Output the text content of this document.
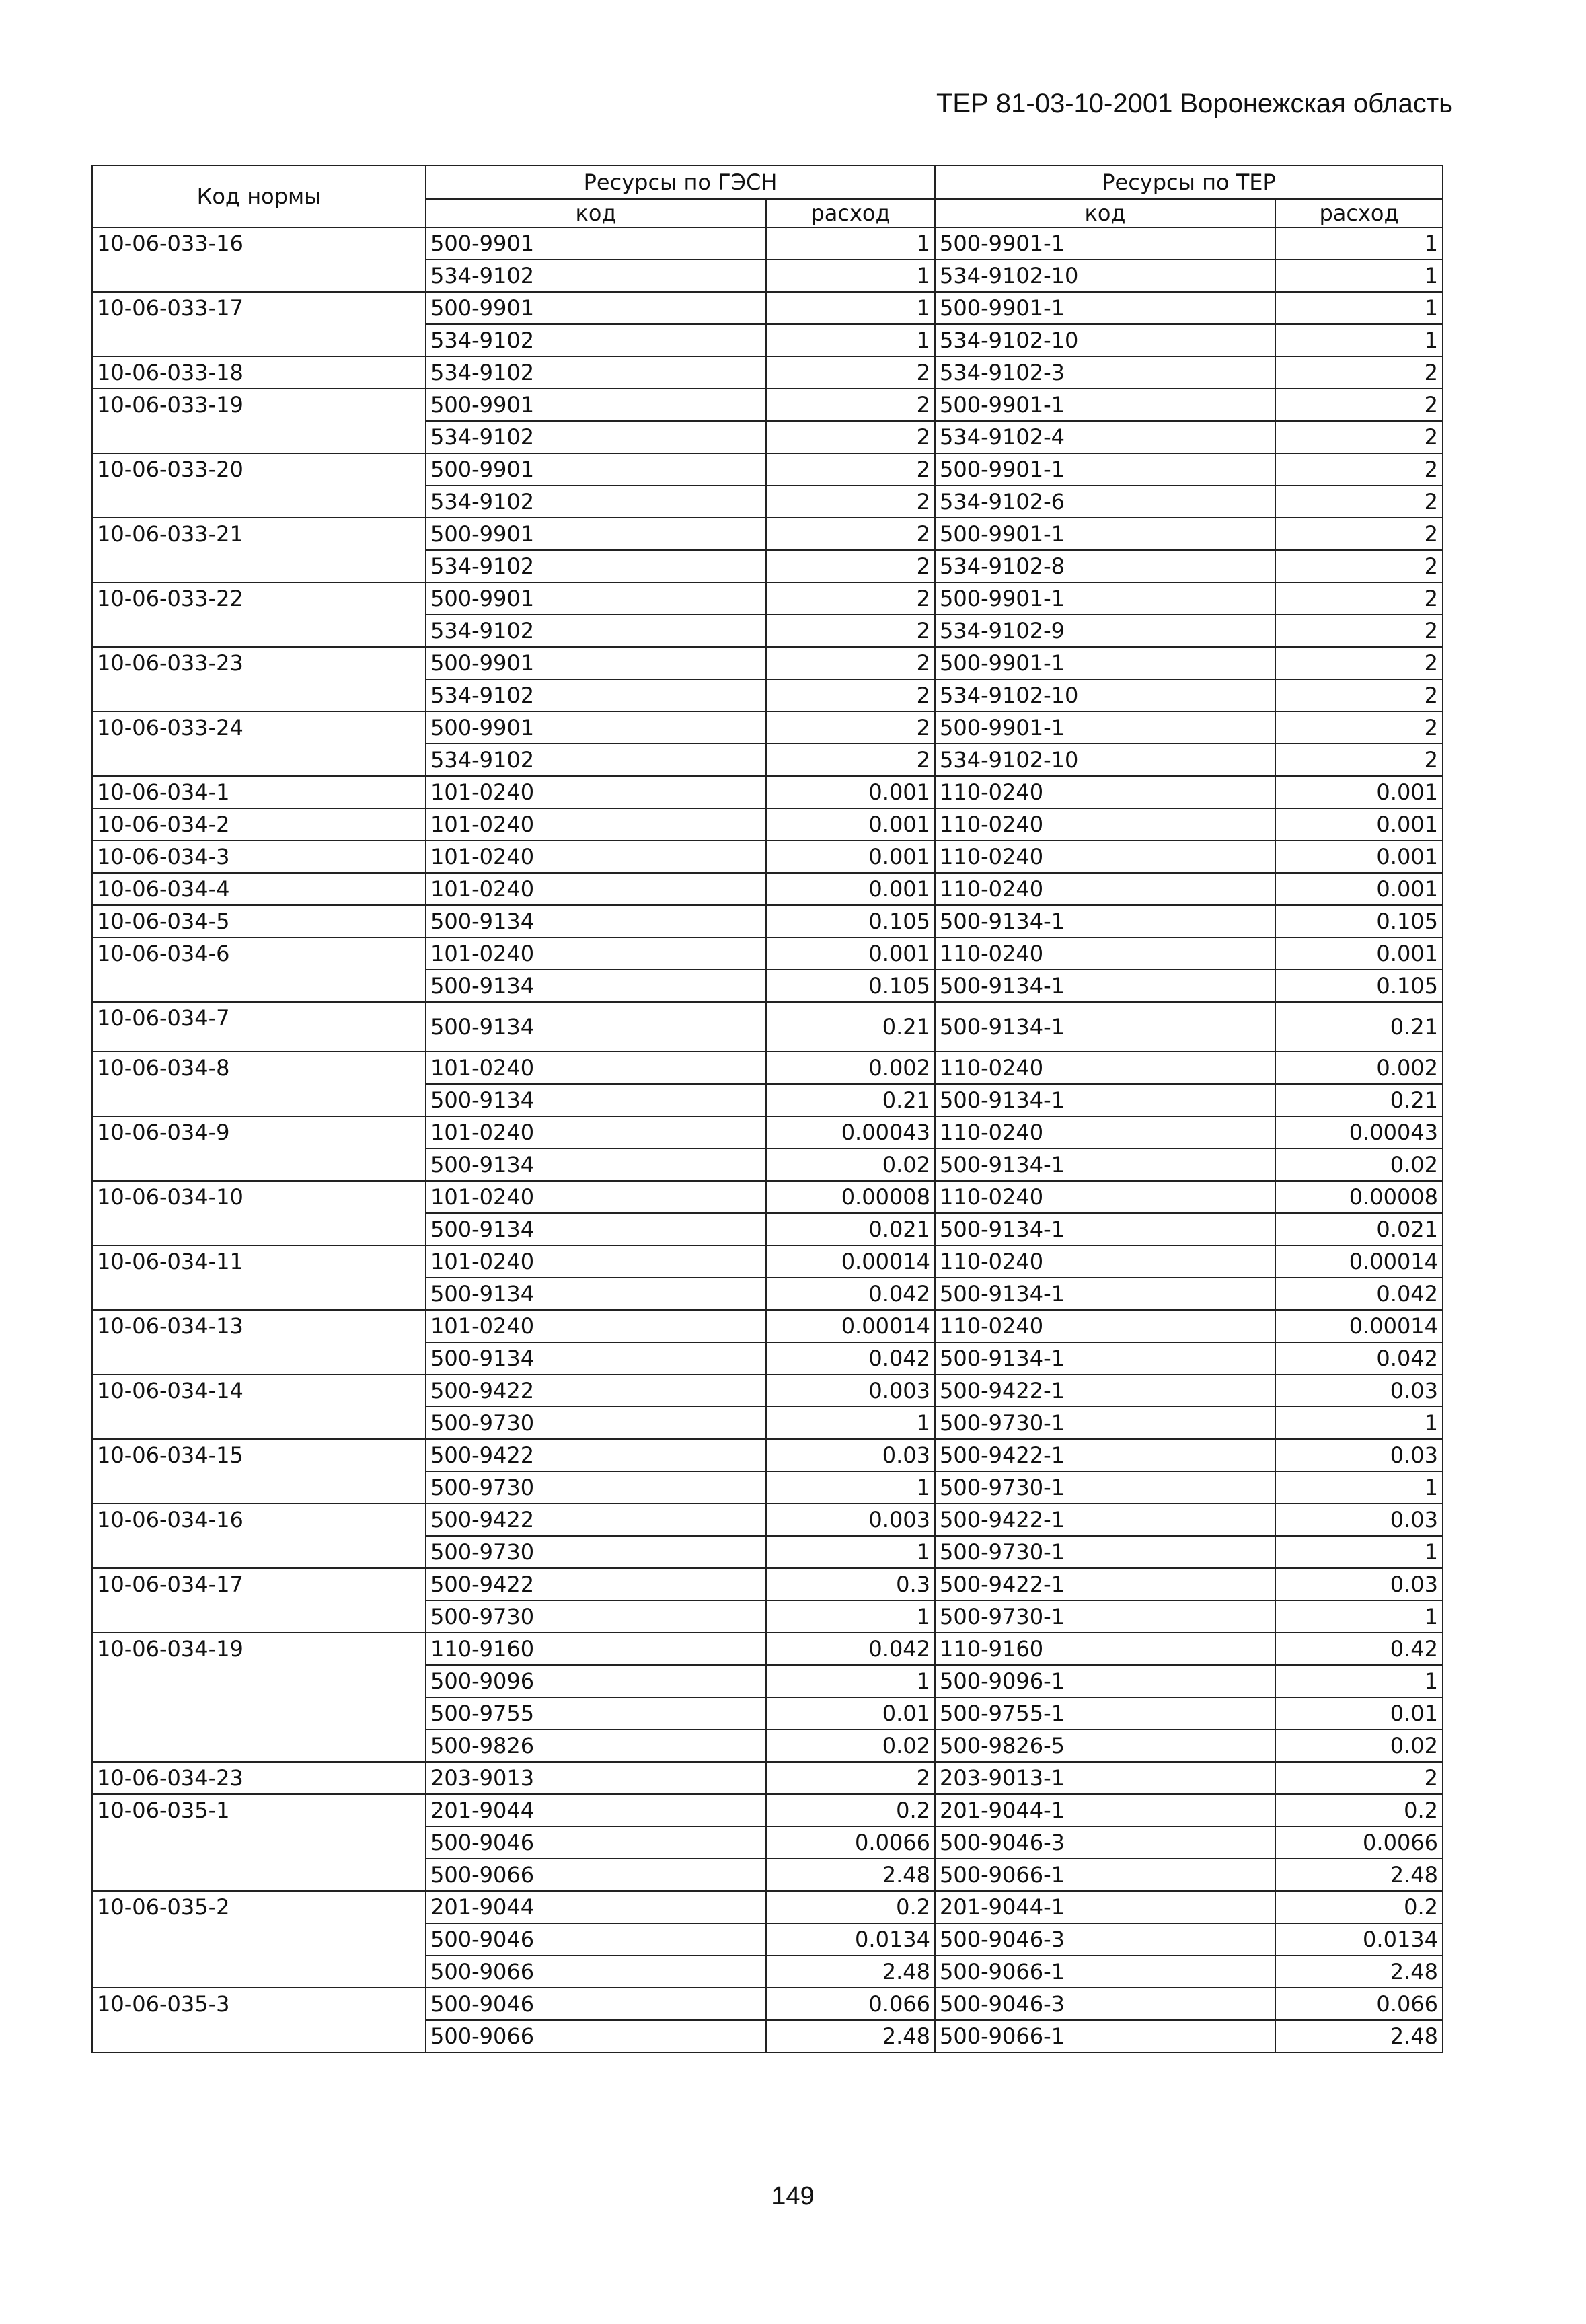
ТЕР 81-03-10-2001 Воронежская область
Код нормы	Ресурсы по ГЭСН		Ресурсы по ТЕР	
	код	расход	код	расход
10-06-033-16	500-9901	1	500-9901-1	1
	534-9102	1	534-9102-10	1
10-06-033-17	500-9901	1	500-9901-1	1
	534-9102	1	534-9102-10	1
10-06-033-18	534-9102	2	534-9102-3	2
10-06-033-19	500-9901	2	500-9901-1	2
	534-9102	2	534-9102-4	2
10-06-033-20	500-9901	2	500-9901-1	2
	534-9102	2	534-9102-6	2
10-06-033-21	500-9901	2	500-9901-1	2
	534-9102	2	534-9102-8	2
10-06-033-22	500-9901	2	500-9901-1	2
	534-9102	2	534-9102-9	2
10-06-033-23	500-9901	2	500-9901-1	2
	534-9102	2	534-9102-10	2
10-06-033-24	500-9901	2	500-9901-1	2
	534-9102	2	534-9102-10	2
10-06-034-1	101-0240	0.001	110-0240	0.001
10-06-034-2	101-0240	0.001	110-0240	0.001
10-06-034-3	101-0240	0.001	110-0240	0.001
10-06-034-4	101-0240	0.001	110-0240	0.001
10-06-034-5	500-9134	0.105	500-9134-1	0.105
10-06-034-6	101-0240	0.001	110-0240	0.001
	500-9134	0.105	500-9134-1	0.105
10-06-034-7	500-9134	0.21	500-9134-1	0.21
10-06-034-8	101-0240	0.002	110-0240	0.002
	500-9134	0.21	500-9134-1	0.21
10-06-034-9	101-0240	0.00043	110-0240	0.00043
	500-9134	0.02	500-9134-1	0.02
10-06-034-10	101-0240	0.00008	110-0240	0.00008
	500-9134	0.021	500-9134-1	0.021
10-06-034-11	101-0240	0.00014	110-0240	0.00014
	500-9134	0.042	500-9134-1	0.042
10-06-034-13	101-0240	0.00014	110-0240	0.00014
	500-9134	0.042	500-9134-1	0.042
10-06-034-14	500-9422	0.003	500-9422-1	0.03
	500-9730	1	500-9730-1	1
10-06-034-15	500-9422	0.03	500-9422-1	0.03
	500-9730	1	500-9730-1	1
10-06-034-16	500-9422	0.003	500-9422-1	0.03
	500-9730	1	500-9730-1	1
10-06-034-17	500-9422	0.3	500-9422-1	0.03
	500-9730	1	500-9730-1	1
10-06-034-19	110-9160	0.042	110-9160	0.42
	500-9096	1	500-9096-1	1
	500-9755	0.01	500-9755-1	0.01
	500-9826	0.02	500-9826-5	0.02
10-06-034-23	203-9013	2	203-9013-1	2
10-06-035-1	201-9044	0.2	201-9044-1	0.2
	500-9046	0.0066	500-9046-3	0.0066
	500-9066	2.48	500-9066-1	2.48
10-06-035-2	201-9044	0.2	201-9044-1	0.2
	500-9046	0.0134	500-9046-3	0.0134
	500-9066	2.48	500-9066-1	2.48
10-06-035-3	500-9046	0.066	500-9046-3	0.066
	500-9066	2.48	500-9066-1	2.48
149
